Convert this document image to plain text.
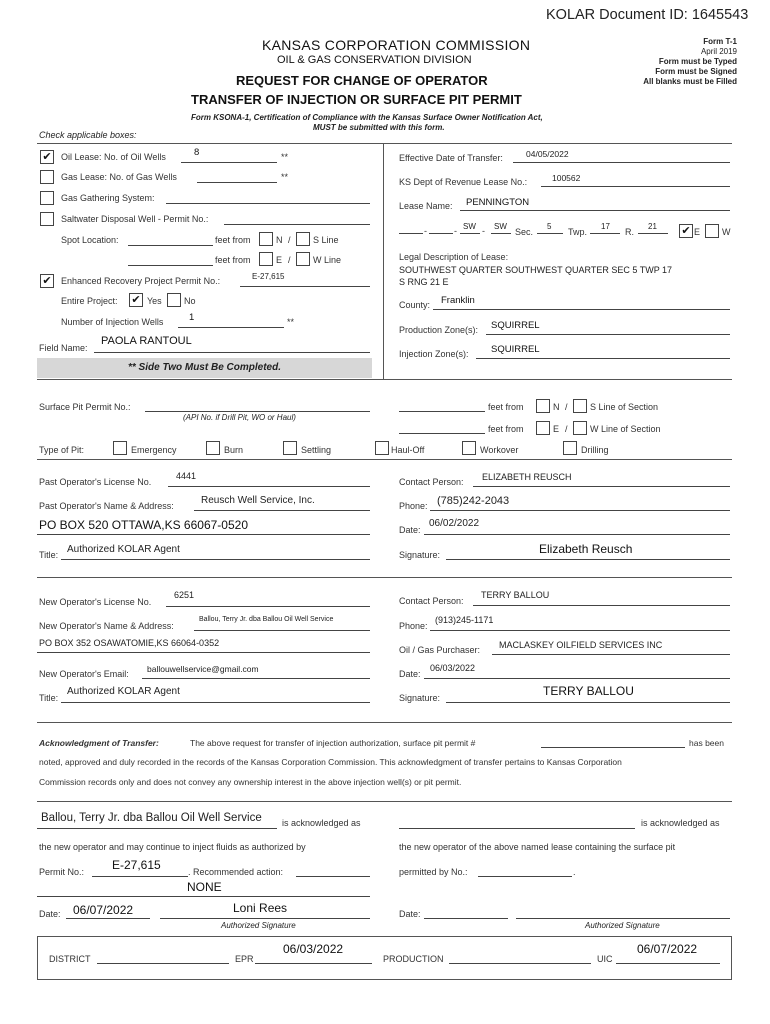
KOLAR Document ID: 1645543
KANSAS CORPORATION COMMISSION
OIL & GAS CONSERVATION DIVISION
REQUEST FOR CHANGE OF OPERATOR
TRANSFER OF INJECTION OR SURFACE PIT PERMIT
Form KSONA-1, Certification of Compliance with the Kansas Surface Owner Notification Act,
MUST be submitted with this form.
Form T-1
April 2019
Form must be Typed
Form must be Signed
All blanks must be Filled
Check applicable boxes:
✔ Oil Lease: No. of Oil Wells	8	**
Gas Lease: No. of Gas Wells	**
Gas Gathering System:
Saltwater Disposal Well - Permit No.:
Spot Location:	feet from	N / S Line
feet from	E / W Line
✔ Enhanced Recovery Project Permit No.:	E-27,615
Entire Project: ✔ Yes No
Number of Injection Wells	1	**
Field Name:
PAOLA RANTOUL
** Side Two Must Be Completed.
Effective Date of Transfer:	04/05/2022
KS Dept of Revenue Lease No.:	100562
Lease Name: PENNINGTON
-	- SW - SW
Sec.
5
Twp.
17
R.
21 ✔ E W
Legal Description of Lease:
SOUTHWEST QUARTER SOUTHWEST QUARTER SEC 5 TWP 17
S RNG 21 E
County: Franklin
Production Zone(s): SQUIRREL
Injection Zone(s): SQUIRREL
Surface Pit Permit No.:
(API No. if Drill Pit, WO or Haul)
feet from	N / S Line of Section
feet from	E / W Line of Section
Type of Pit:	Emergency	Burn	Settling	Haul-Off	Workover	Drilling
Past Operator's License No.
4441
Contact Person: ELIZABETH REUSCH
Past Operator's Name & Address:	Reusch Well Service, Inc.	Phone: (785)242-2043
PO BOX 520 OTTAWA,KS 66067-0520	Date:
06/02/2022
Title: Authorized KOLAR Agent	Signature:	Elizabeth Reusch
New Operator's License No.
6251
Contact Person:
TERRY BALLOU
New Operator's Name & Address:
Ballou, Terry Jr. dba Ballou Oil Well Service
Phone:
(913)245-1171
PO BOX 352 OSAWATOMIE,KS 66064-0352
Oil / Gas Purchaser: MACLASKEY OILFIELD SERVICES INC
New Operator's Email: ballouwellservice@gmail.com	Date:
06/03/2022
Title:
Authorized KOLAR Agent
Signature:	TERRY BALLOU
Acknowledgment of Transfer:	The above request for transfer of injection authorization, surface pit permit #	has been
noted, approved and duly recorded in the records of the Kansas Corporation Commission. This acknowledgment of transfer pertains to Kansas Corporation
Commission records only and does not convey any ownership interest in the above injection well(s) or pit permit.
Ballou, Terry Jr. dba Ballou Oil Well Service is acknowledged as
the new operator and may continue to inject fluids as authorized by
Permit No.: E-27,615	. Recommended action:
NONE
Date: 06/07/2022	Loni Rees
Authorized Signature
is acknowledged as
the new operator of the above named lease containing the surface pit
permitted by No.:	.
Date:
Authorized Signature
DISTRICT	EPR
06/03/2022
PRODUCTION	UIC
06/07/2022
